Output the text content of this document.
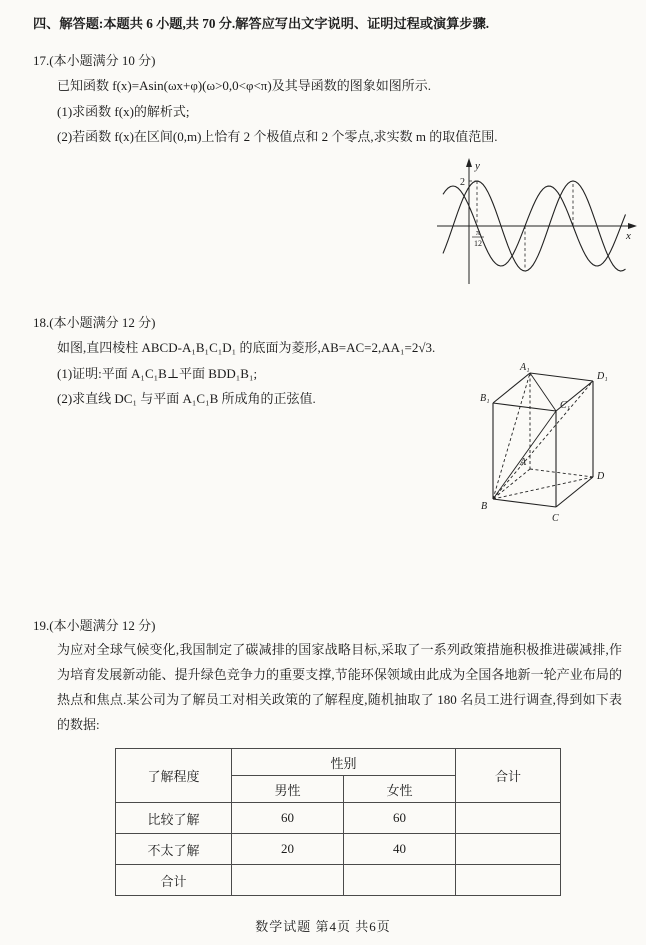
四、解答题:本题共 6 小题,共 70 分.解答应写出文字说明、证明过程或演算步骤.
17.(本小题满分 10 分)
已知函数 f(x)=Asin(ωx+φ)(ω>0,0<φ<π)及其导函数的图象如图所示.
(1)求函数 f(x)的解析式;
(2)若函数 f(x)在区间(0,m)上恰有 2 个极值点和 2 个零点,求实数 m 的取值范围.
y
x
2
π
12
18.(本小题满分 12 分)
如图,直四棱柱 ABCD-A₁B₁C₁D₁ 的底面为菱形,AB=AC=2,AA₁=2√3.
(1)证明:平面 A₁C₁B⊥平面 BDD₁B₁;
(2)求直线 DC₁ 与平面 A₁C₁B 所成角的正弦值.
A₁
D₁
B₁
C₁
A
D
B
C
19.(本小题满分 12 分)
为应对全球气候变化,我国制定了碳减排的国家战略目标,采取了一系列政策措施积极推进碳减排,作为培育发展新动能、提升绿色竞争力的重要支撑,节能环保领域由此成为全国各地新一轮产业布局的热点和焦点.某公司为了解员工对相关政策的了解程度,随机抽取了 180 名员工进行调查,得到如下表的数据:
了解程度	性别		合计
	男性	女性	
比较了解	60	60	
不太了解	20	40	
合计			
数学试题 第4页 共6页
